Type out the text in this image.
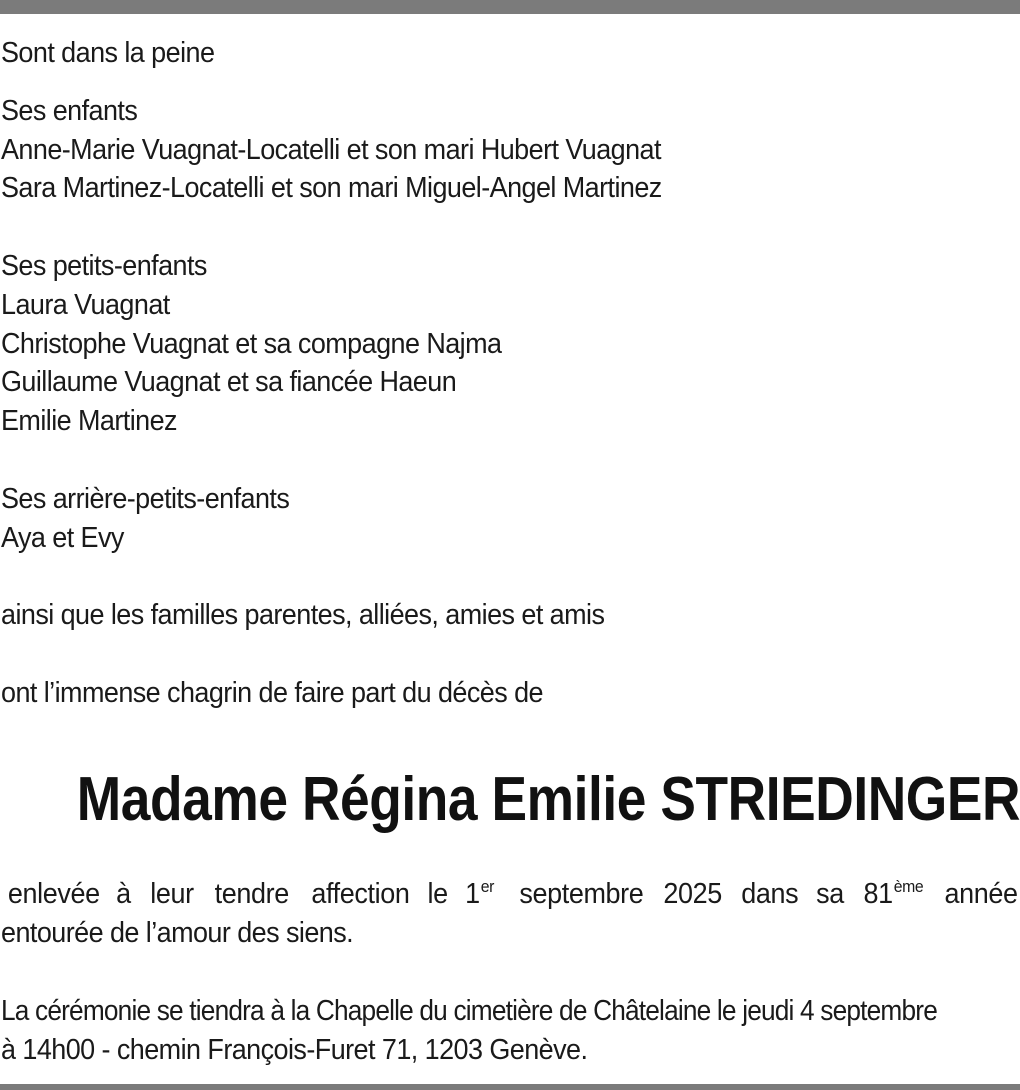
Sont dans la peine
Ses enfants
Anne-Marie Vuagnat-Locatelli et son mari Hubert Vuagnat
Sara Martinez-Locatelli et son mari Miguel-Angel Martinez
Ses petits-enfants
Laura Vuagnat
Christophe Vuagnat et sa compagne Najma
Guillaume Vuagnat et sa fiancée Haeun
Emilie Martinez
Ses arrière-petits-enfants
Aya et Evy
ainsi que les familles parentes, alliées, amies et amis
ont l’immense chagrin de faire part du décès de
Madame Régina Emilie STRIEDINGER
enlevée à leur tendre affection le 1er septembre 2025 dans sa 81ème année
entourée de l’amour des siens.
La cérémonie se tiendra à la Chapelle du cimetière de Châtelaine le jeudi 4 septembre
à 14h00 - chemin François-Furet 71, 1203 Genève.
